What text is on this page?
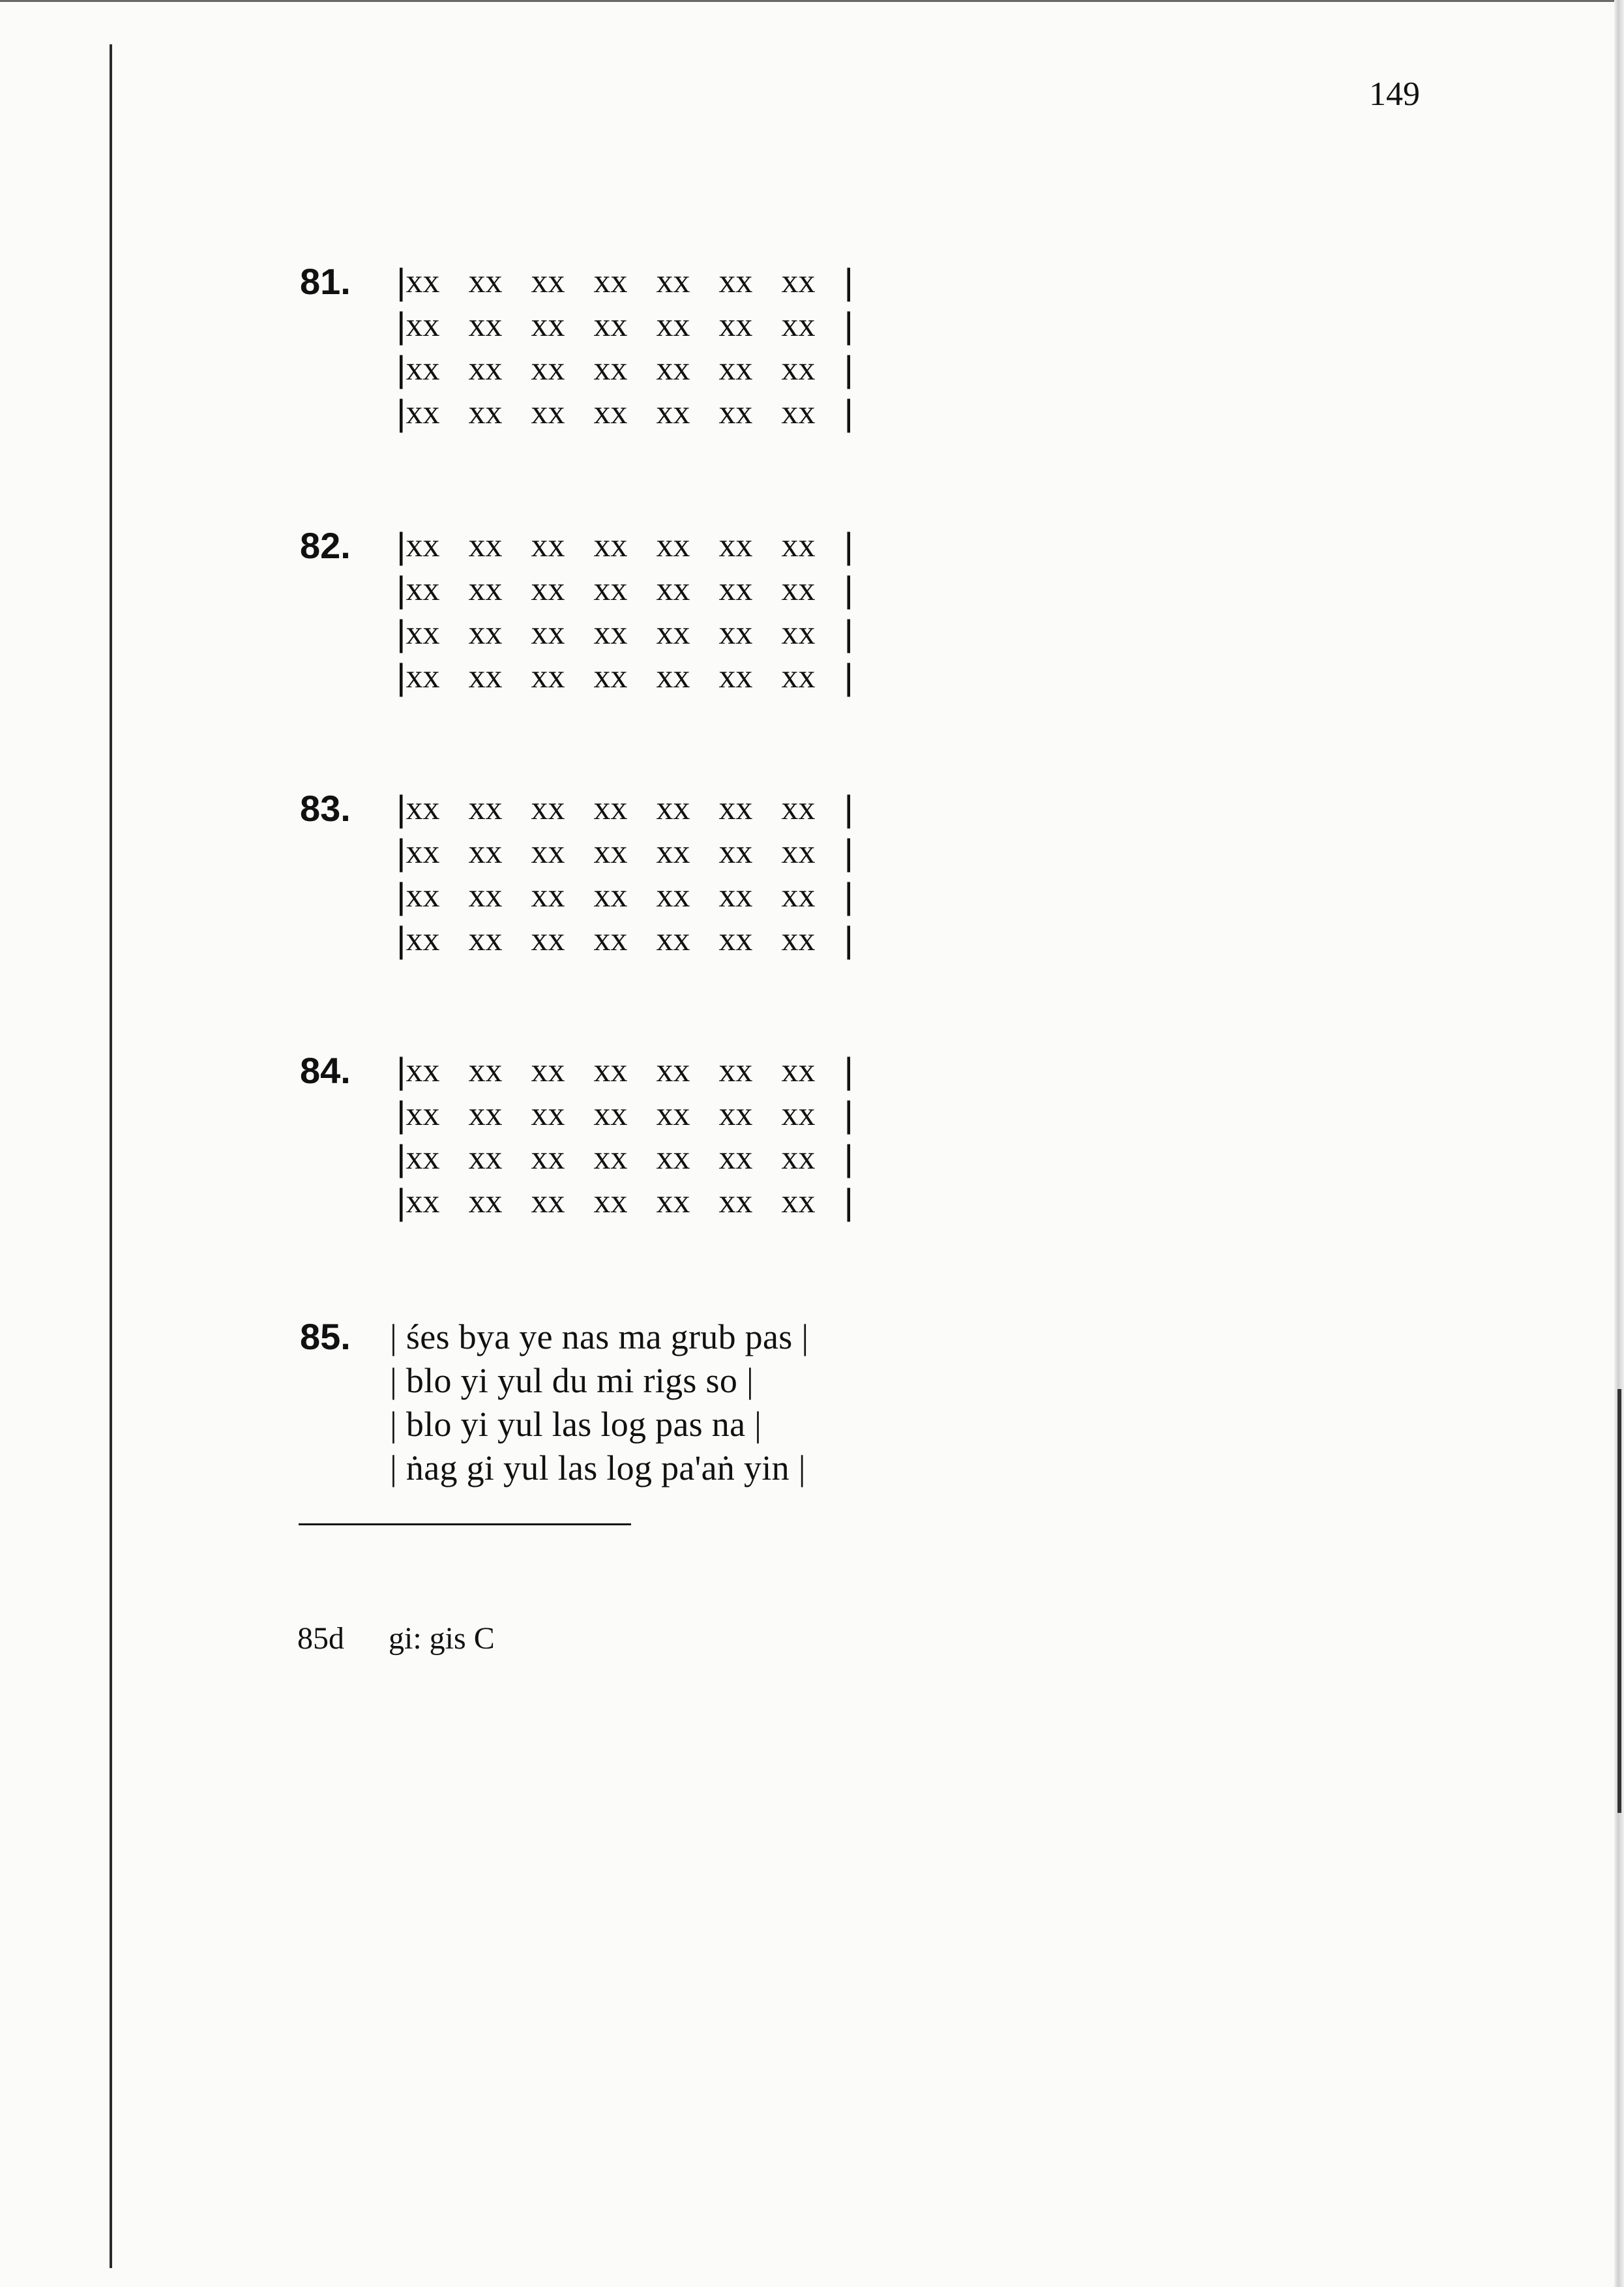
149
81. | xx xx xx xx xx xx xx |
| xx xx xx xx xx xx xx |
| xx xx xx xx xx xx xx |
| xx xx xx xx xx xx xx |
82. | xx xx xx xx xx xx xx |
| xx xx xx xx xx xx xx |
| xx xx xx xx xx xx xx |
| xx xx xx xx xx xx xx |
83. | xx xx xx xx xx xx xx |
| xx xx xx xx xx xx xx |
| xx xx xx xx xx xx xx |
| xx xx xx xx xx xx xx |
84. | xx xx xx xx xx xx xx |
| xx xx xx xx xx xx xx |
| xx xx xx xx xx xx xx |
| xx xx xx xx xx xx xx |
85. | śes bya ye nas ma grub pas |
| blo yi yul du mi rigs so |
| blo yi yul las log pas na |
| ṅag gi yul las log pa'aṅ yin |
85d gi: gis C
